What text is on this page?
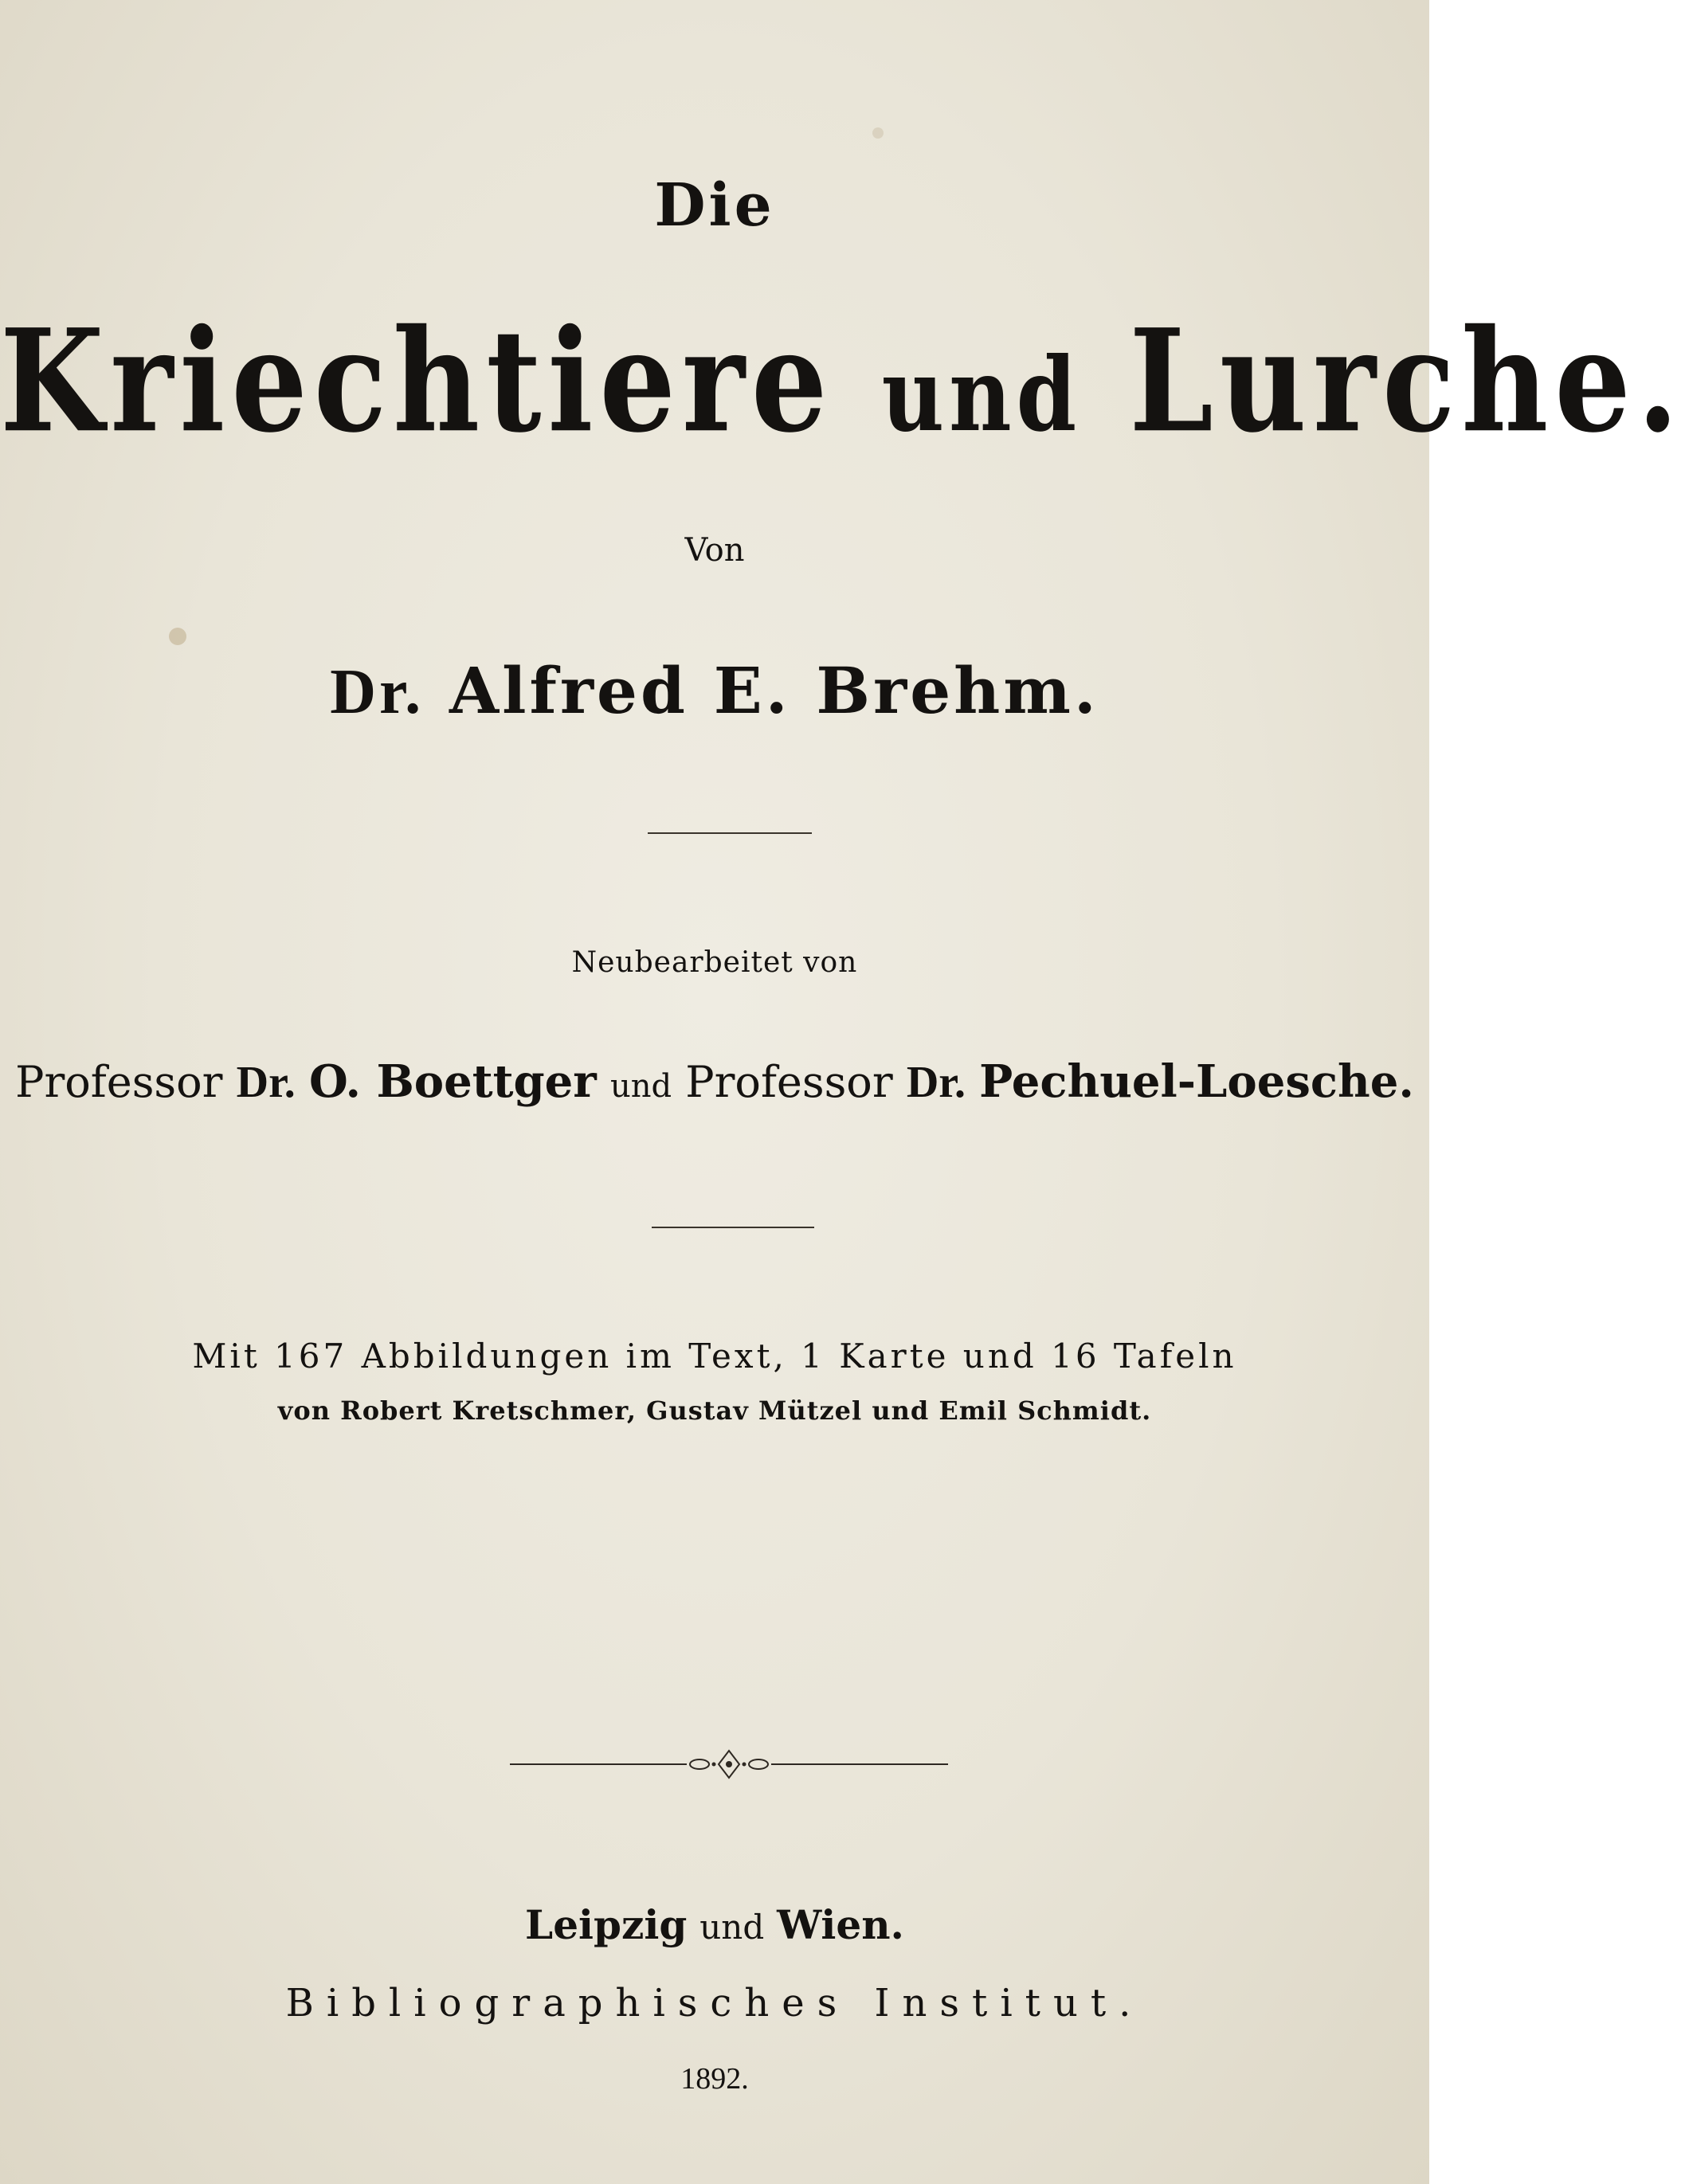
Die
Kriechtiere und Lurche.
Von
Dr. Alfred E. Brehm.
Neubearbeitet von
Professor Dr. O. Boettger und Professor Dr. Pechuel-Loesche.
Mit 167 Abbildungen im Text, 1 Karte und 16 Tafeln
von Robert Kretschmer, Gustav Mützel und Emil Schmidt.
Leipzig und Wien.
Bibliographisches Institut.
1892.
